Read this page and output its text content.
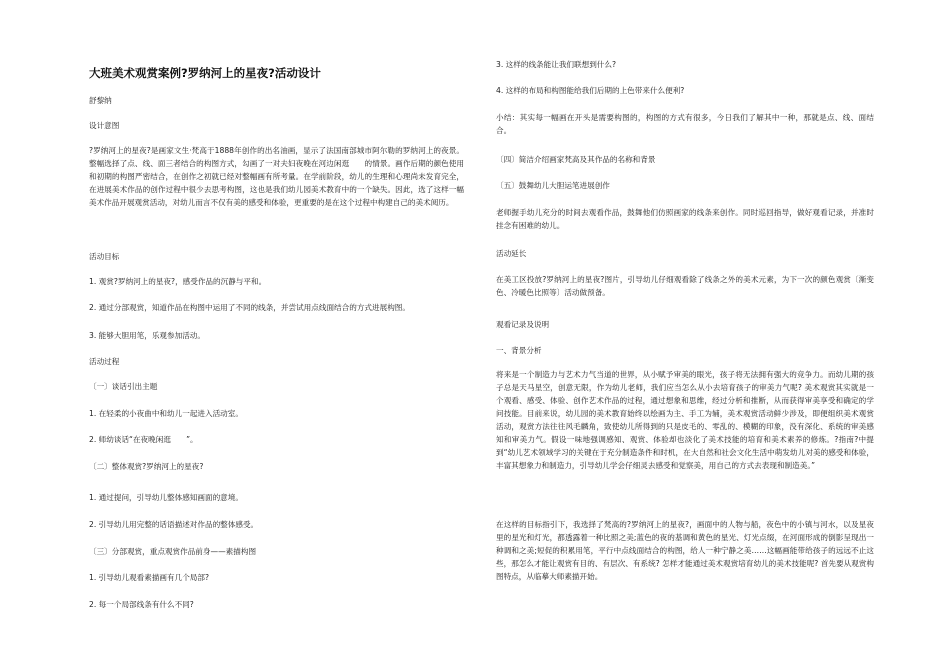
大班美术观赏案例?罗纳河上的星夜?活动设计

舒黎纳

设计意图

?罗纳河上的星夜?是画家文生·梵高于1888年创作的出名油画，显示了法国南部城市阿尔勒的罗纳河上的夜景。整幅选择了点、线、面三者结合的构图方式，勾画了一对夫妇夜晚在河边闲逛　　的情景。画作后期的颜色使用和初期的构图严密结合，在创作之初就已经对整幅画有所考量。在学前阶段，幼儿的生理和心理尚未发育完全，在进展美术作品的创作过程中很少去思考构图，这也是我们幼儿园美术教育中的一个缺失。因此，选了这样一幅美术作品开展观赏活动，对幼儿而言不仅有美的感受和体验，更重要的是在这个过程中构建自己的美术阅历。

活动目标

1. 观赏?罗纳河上的星夜?，感受作品的沉静与平和。

2. 通过分部观赏，知道作品在构图中运用了不同的线条，并尝试用点线面结合的方式进展构图。

3. 能够大胆用笔，乐观参加活动。

活动过程

〔一〕谈话引出主题

1. 在轻柔的小夜曲中和幼儿一起进入活动室。

2. 师幼谈话“在夜晚闲逛　　”。

〔二〕整体观赏?罗纳河上的星夜?

1. 通过提问，引导幼儿整体感知画面的意境。

2. 引导幼儿用完整的话语描述对作品的整体感受。

〔三〕分部观赏，重点观赏作品前身——素描构图

1. 引导幼儿观看素描画有几个局部?

2. 每一个局部线条有什么不同?

3. 这样的线条能让我们联想到什么?

4. 这样的布局和构图能给我们后期的上色带来什么便利?

小结：其实每一幅画在开头是需要构图的，构图的方式有很多，今日我们了解其中一种，那就是点、线、面结合。

〔四〕简洁介绍画家梵高及其作品的名称和背景

〔五〕鼓舞幼儿大胆运笔进展创作

老师握手幼儿充分的时间去观看作品，鼓舞他们仿照画家的线条来创作。同时巡回指导，做好观看记录，并准时挂念有困难的幼儿。

活动延长

在美工区投放?罗纳河上的星夜?图片，引导幼儿仔细观看除了线条之外的美术元素，为下一次的颜色观赏〔渐变色、冷暖色比照等〕活动做预备。

观看记录及说明

一、背景分析

将来是一个制造力与艺术力气当道的世界，从小赋予审美的眼光，孩子将无法拥有强大的竞争力。而幼儿期的孩子总是天马星空，创意无限，作为幼儿老师，我们应当怎么从小去培育孩子的审美力气呢? 美术观赏其实就是一个观看、感受、体验、创作艺术作品的过程，通过想象和思维，经过分析和推断，从而获得审美享受和确定的学问技能。目前来说，幼儿园的美术教育始终以绘画为主、手工为辅，美术观赏活动鲜少涉及，即便组织美术观赏活动，观赏方法往往风毛麟角，致使幼儿所得到的只是皮毛的、零乱的、模糊的印象，没有深化、系统的审美感知和审美力气。假设一味地强调感知、观赏、体验却也淡化了美术技能的培育和美术素养的修炼。?指南?中提到“幼儿艺术领域学习的关键在于充分制造条件和时机，在大自然和社会文化生活中萌发幼儿对美的感受和体验，丰富其想象力和制造力，引导幼儿学会仔细灵去感受和觉察美，用自己的方式去表现和制造美。”

在这样的目标指引下，我选择了梵高的?罗纳河上的星夜?，画面中的人物与船，夜色中的小镇与河水，以及星夜里的星光和灯光，都透露着一种比照之美;蓝色的夜的基调和黄色的星光、灯光点缀，在河面形成的倒影呈现出一种调和之美;短促的积累用笔，平行中点线面结合的构图，给人一种宁静之美……这幅画能带给孩子的远远不止这些，那怎么才能让观赏有目的、有层次、有系统? 怎样才能通过美术观赏培育幼儿的美术技能呢? 首先要从观赏构图特点，从临摹大师素描开始。
